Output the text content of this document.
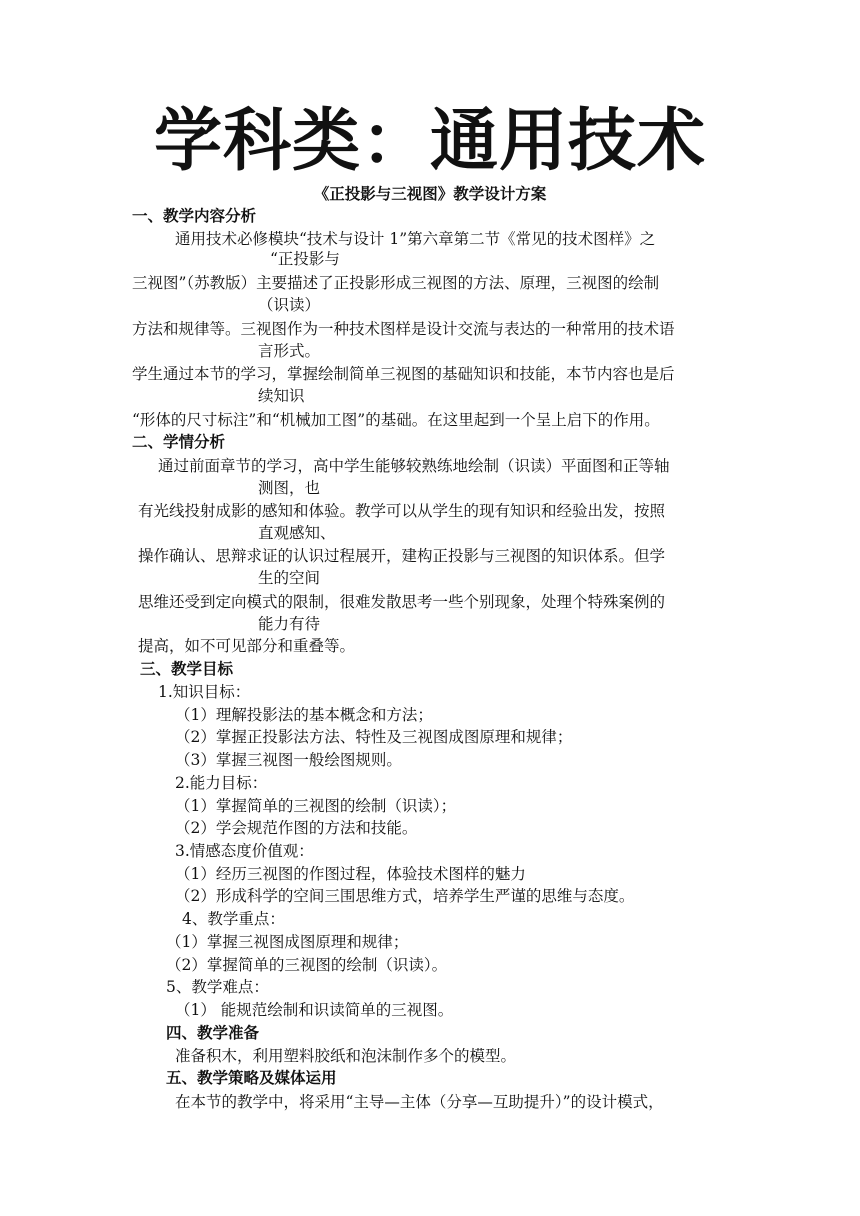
学科类：通用技术
《正投影与三视图》教学设计方案
一、教学内容分析
通用技术必修模块“技术与设计 1”第六章第二节《常见的技术图样》之
“正投影与
三视图”（苏教版）主要描述了正投影形成三视图的方法、原理，三视图的绘制
（识读）
方法和规律等。三视图作为一种技术图样是设计交流与表达的一种常用的技术语
言形式。
学生通过本节的学习，掌握绘制简单三视图的基础知识和技能，本节内容也是后
续知识
“形体的尺寸标注”和“机械加工图”的基础。在这里起到一个呈上启下的作用。
二、学情分析
通过前面章节的学习，高中学生能够较熟练地绘制（识读）平面图和正等轴
测图，也
有光线投射成影的感知和体验。教学可以从学生的现有知识和经验出发，按照
直观感知、
操作确认、思辩求证的认识过程展开，建构正投影与三视图的知识体系。但学
生的空间
思维还受到定向模式的限制，很难发散思考一些个别现象，处理个特殊案例的
能力有待
提高，如不可见部分和重叠等。
三、教学目标
1.知识目标：
（1）理解投影法的基本概念和方法；
（2）掌握正投影法方法、特性及三视图成图原理和规律；
（3）掌握三视图一般绘图规则。
2.能力目标：
（1）掌握简单的三视图的绘制（识读）；
（2）学会规范作图的方法和技能。
3.情感态度价值观：
（1）经历三视图的作图过程，体验技术图样的魅力
（2）形成科学的空间三围思维方式，培养学生严谨的思维与态度。
4、教学重点：
（1）掌握三视图成图原理和规律；
（2）掌握简单的三视图的绘制（识读）。
5、教学难点：
（1） 能规范绘制和识读简单的三视图。
四、教学准备
准备积木，利用塑料胶纸和泡沫制作多个的模型。
五、教学策略及媒体运用
在本节的教学中，将采用“主导—主体（分享—互助提升）”的设计模式，
